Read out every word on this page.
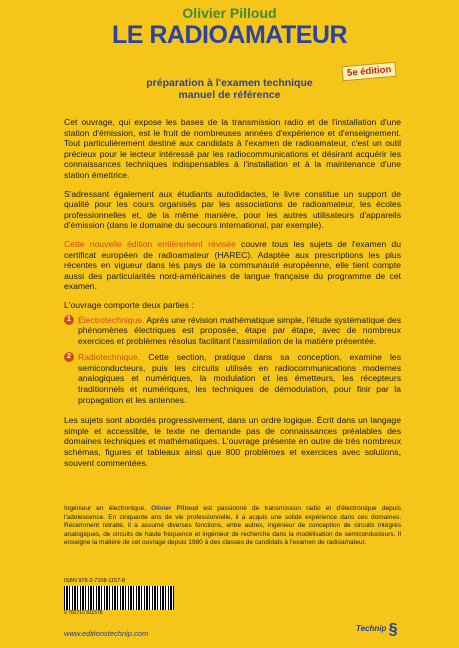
Olivier Pilloud
LE RADIOAMATEUR
préparation à l'examen technique
manuel de référence
5e édition

Cet ouvrage, qui expose les bases de la transmission radio et de l'installation d'une station d'émission, est le fruit de nombreuses années d'expérience et d'enseignement. Tout particulièrement destiné aux candidats à l'examen de radioamateur, c'est un outil précieux pour le lecteur intéressé par les radiocommunications et désirant acquérir les connaissances techniques indispensables à l'installation et à la maintenance d'une station émettrice.

S'adressant également aux étudiants autodidactes, le livre constitue un support de qualité pour les cours organisés par les associations de radioamateur, les écoles professionnelles et, de la même manière, pour les autres utilisateurs d'appareils d'émission (dans le domaine du secours international, par exemple).

Cette nouvelle édition entièrement révisée couvre tous les sujets de l'examen du certificat européen de radioamateur (HAREC). Adaptée aux prescriptions les plus récentes en vigueur dans les pays de la communauté européenne, elle tient compte aussi des particularités nord-américaines de langue française du programme de cet examen.

L'ouvrage comporte deux parties :

1 Électrotechnique. Après une révision mathématique simple, l'étude systématique des phénomènes électriques est proposée, étape par étape, avec de nombreux exercices et problèmes résolus facilitant l'assimilation de la matière présentée.
2 Radiotechnique. Cette section, pratique dans sa conception, examine les semiconducteurs, puis les circuits utilisés en radiocommunications modernes analogiques et numériques, la modulation et les émetteurs, les récepteurs traditionnels et numériques, les techniques de démodulation, pour finir par la propagation et les antennes.

Les sujets sont abordés progressivement, dans un ordre logique. Écrit dans un langage simple et accessible, le texte ne demande pas de connaissances préalables des domaines techniques et mathématiques. L'ouvrage présente en outre de très nombreux schémas, figures et tableaux ainsi que 800 problèmes et exercices avec solutions, souvent commentées.

Ingénieur en électronique, Olivier Pilloud est passionné de transmission radio et d'électronique depuis l'adolescence. En cinquante ans de vie professionnelle, il a acquis une solide expérience dans ces domaines. Récemment retraité, il a assumé diverses fonctions, entre autres, ingénieur de conception de circuits intégrés analogiques, de circuits de haute fréquence et ingénieur de recherche dans la modélisation de semiconducteurs. Il enseigne la matière de cet ouvrage depuis 1980 à des classes de candidats à l'examen de radioamateur.
ISBN 978-2-7108-1157-8
9 782710 811578
www.editionstechnip.com
Technip §
